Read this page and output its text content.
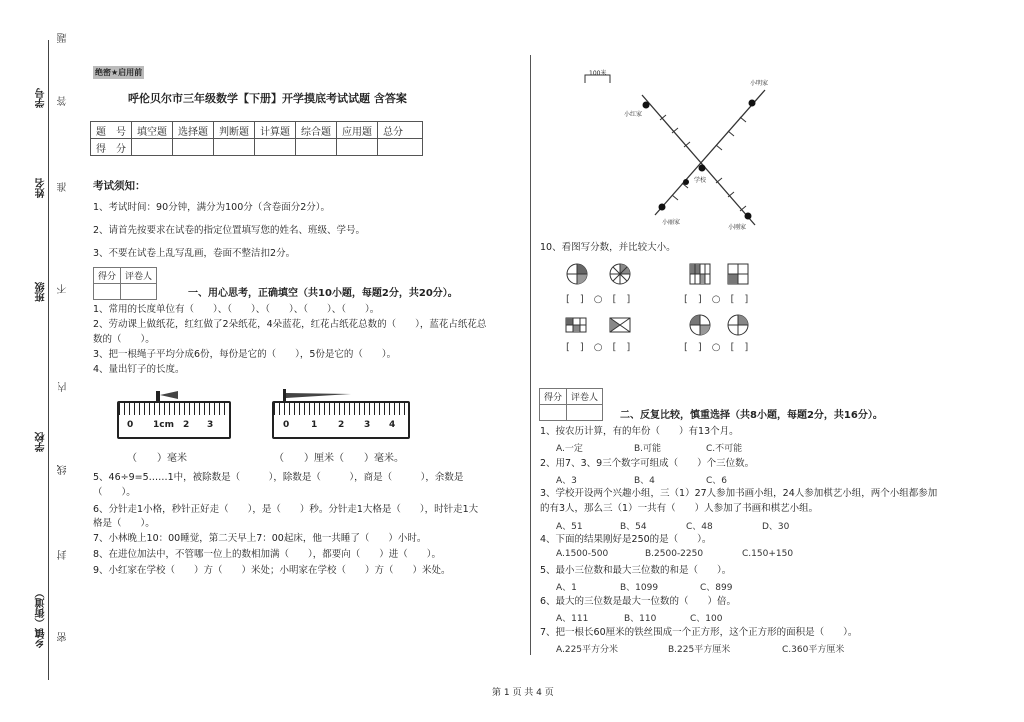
学号
姓名
班级
学校
乡镇（街道）
题
答
准
不
内
线
封
密
绝密★启用前
呼伦贝尔市三年级数学【下册】开学摸底考试试题 含答案
题　号	填空题	选择题	判断题	计算题	综合题	应用题	总分
得　分							
考试须知：
1、考试时间：90分钟，满分为100分（含卷面分2分）。
2、请首先按要求在试卷的指定位置填写您的姓名、班级、学号。
3、不要在试卷上乱写乱画，卷面不整洁扣2分。
得分	评卷人

一、用心思考，正确填空（共10小题，每题2分，共20分）。
1、常用的长度单位有（　　）、（　　）、（　　）、（　　）、（　　）。
2、劳动课上做纸花，红红做了2朵纸花，4朵蓝花，红花占纸花总数的（　　），蓝花占纸花总
数的（　　）。
3、把一根绳子平均分成6份，每份是它的（　　），5份是它的（　　）。
4、量出钉子的长度。
0 1cm 2 3	0 1 2 3 4
（　　）毫米	（　　）厘米（　　）毫米。
5、46÷9=5……1中，被除数是（　　　），除数是（　　　），商是（　　　），余数是
（　　）。
6、分针走1小格，秒针正好走（　　），是（　　）秒。分针走1大格是（　　），时针走1大
格是（　　）。
7、小林晚上10：00睡觉，第二天早上7：00起床，他一共睡了（　　）小时。
8、在进位加法中，不管哪一位上的数相加满（　　），都要向（　　）进（　　）。
9、小红家在学校（　　）方（　　）米处；小明家在学校（　　）方（　　）米处。
100米
小明家
小红家
学校
小丽家
小刚家
10、看图写分数，并比较大小。
[　]　○　[　]	[　]　○　[　]
[　]　○　[　]	[　]　○　[　]
得分	评卷人

二、反复比较，慎重选择（共8小题，每题2分，共16分）。
1、按农历计算，有的年份（　　）有13个月。
A.一定	B.可能	C.不可能
2、用7、3、9三个数字可组成（　　）个三位数。
A、3	B、4	C、6
3、学校开设两个兴趣小组，三（1）27人参加书画小组，24人参加棋艺小组，两个小组都参加
的有3人，那么三（1）一共有（　　）人参加了书画和棋艺小组。
A、51	B、54	C、48	D、30
4、下面的结果刚好是250的是（　　）。
A.1500-500	B.2500-2250	C.150+150
5、最小三位数和最大三位数的和是（　　）。
A、1	B、1099	C、899
6、最大的三位数是最大一位数的（　　）倍。
A、111	B、110	C、100
7、把一根长60厘米的铁丝围成一个正方形，这个正方形的面积是（　　）。
A.225平方分米	B.225平方厘米	C.360平方厘米
第 1 页 共 4 页
